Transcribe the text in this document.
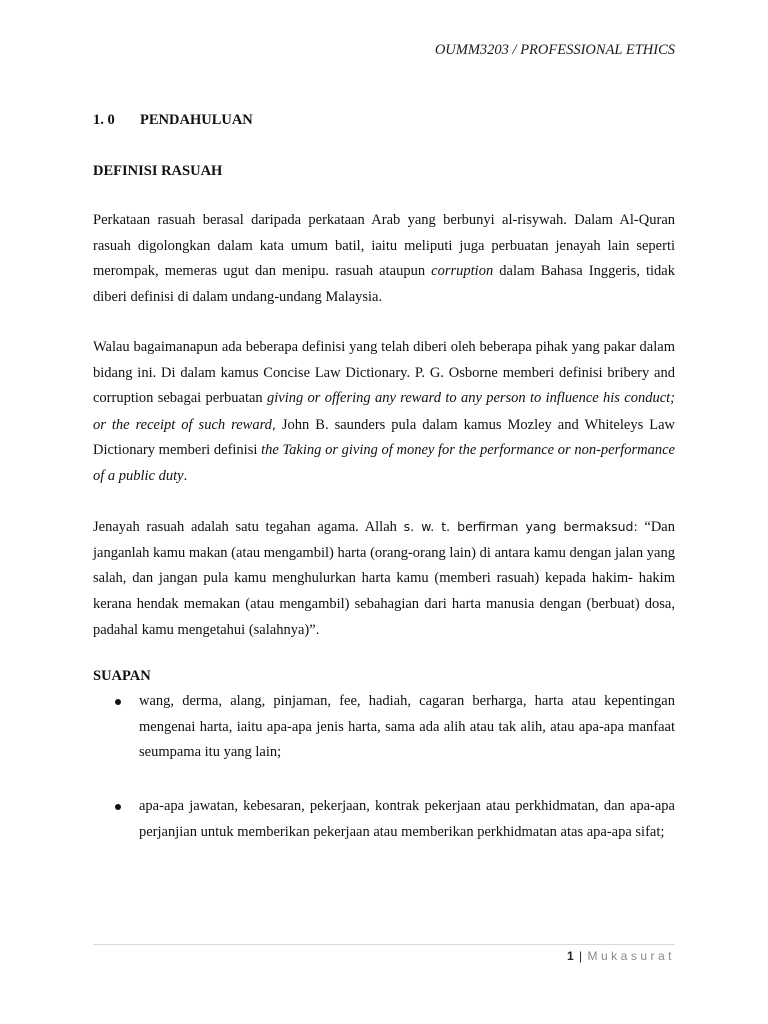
OUMM3203 / PROFESSIONAL ETHICS
1. 0 PENDAHULUAN
DEFINISI RASUAH
Perkataan rasuah berasal daripada perkataan Arab yang berbunyi al-risywah. Dalam Al-Quran rasuah digolongkan dalam kata umum batil, iaitu meliputi juga perbuatan jenayah lain seperti merompak, memeras ugut dan menipu. rasuah ataupun corruption dalam Bahasa Inggeris, tidak diberi definisi di dalam undang-undang Malaysia.
Walau bagaimanapun ada beberapa definisi yang telah diberi oleh beberapa pihak yang pakar dalam bidang ini. Di dalam kamus Concise Law Dictionary. P. G. Osborne memberi definisi bribery and corruption sebagai perbuatan giving or offering any reward to any person to influence his conduct; or the receipt of such reward, John B. saunders pula dalam kamus Mozley and Whiteleys Law Dictionary memberi definisi the Taking or giving of money for the performance or non-performance of a public duty.
Jenayah rasuah adalah satu tegahan agama. Allah s. w. t. berfirman yang bermaksud: “Dan janganlah kamu makan (atau mengambil) harta (orang-orang lain) di antara kamu dengan jalan yang salah, dan jangan pula kamu menghulurkan harta kamu (memberi rasuah) kepada hakim- hakim kerana hendak memakan (atau mengambil) sebahagian dari harta manusia dengan (berbuat) dosa, padahal kamu mengetahui (salahnya)”.
SUAPAN
wang, derma, alang, pinjaman, fee, hadiah, cagaran berharga, harta atau kepentingan mengenai harta, iaitu apa-apa jenis harta, sama ada alih atau tak alih, atau apa-apa manfaat seumpama itu yang lain;
apa-apa jawatan, kebesaran, pekerjaan, kontrak pekerjaan atau perkhidmatan, dan apa-apa perjanjian untuk memberikan pekerjaan atau memberikan perkhidmatan atas apa-apa sifat;
1 | Mukasurat
